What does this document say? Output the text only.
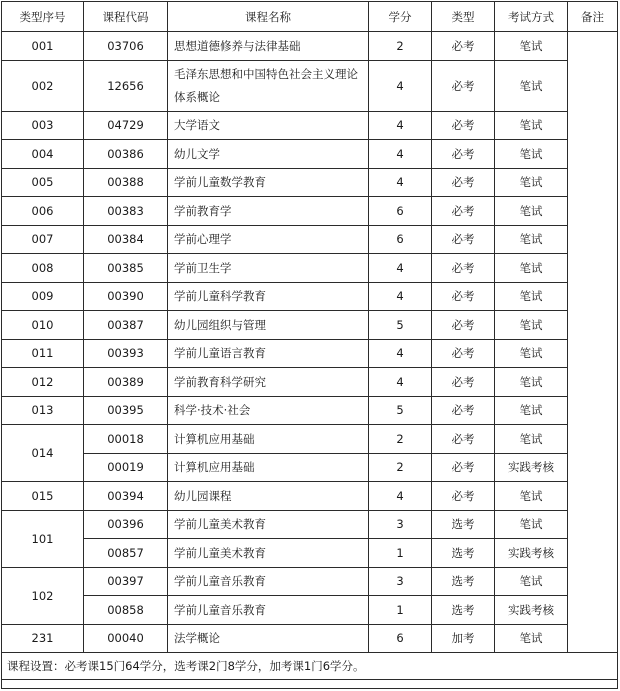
类型序号	课程代码	课程名称	学分	类型	考试方式	备注
001	03706	思想道德修养与法律基础	2	必考	笔试	
002	12656	毛泽东思想和中国特色社会主义理论体系概论	4	必考	笔试	
003	04729	大学语文	4	必考	笔试	
004	00386	幼儿文学	4	必考	笔试	
005	00388	学前儿童数学教育	4	必考	笔试	
006	00383	学前教育学	6	必考	笔试	
007	00384	学前心理学	6	必考	笔试	
008	00385	学前卫生学	4	必考	笔试	
009	00390	学前儿童科学教育	4	必考	笔试	
010	00387	幼儿园组织与管理	5	必考	笔试	
011	00393	学前儿童语言教育	4	必考	笔试	
012	00389	学前教育科学研究	4	必考	笔试	
013	00395	科学·技术·社会	5	必考	笔试	
014	00018	计算机应用基础	2	必考	笔试	
	00019	计算机应用基础	2	必考	实践考核	
015	00394	幼儿园课程	4	必考	笔试	
101	00396	学前儿童美术教育	3	选考	笔试	
	00857	学前儿童美术教育	1	选考	实践考核	
102	00397	学前儿童音乐教育	3	选考	笔试	
	00858	学前儿童音乐教育	1	选考	实践考核	
231	00040	法学概论	6	加考	笔试	
课程设置：必考课15门64学分，选考课2门8学分，加考课1门6学分。						
